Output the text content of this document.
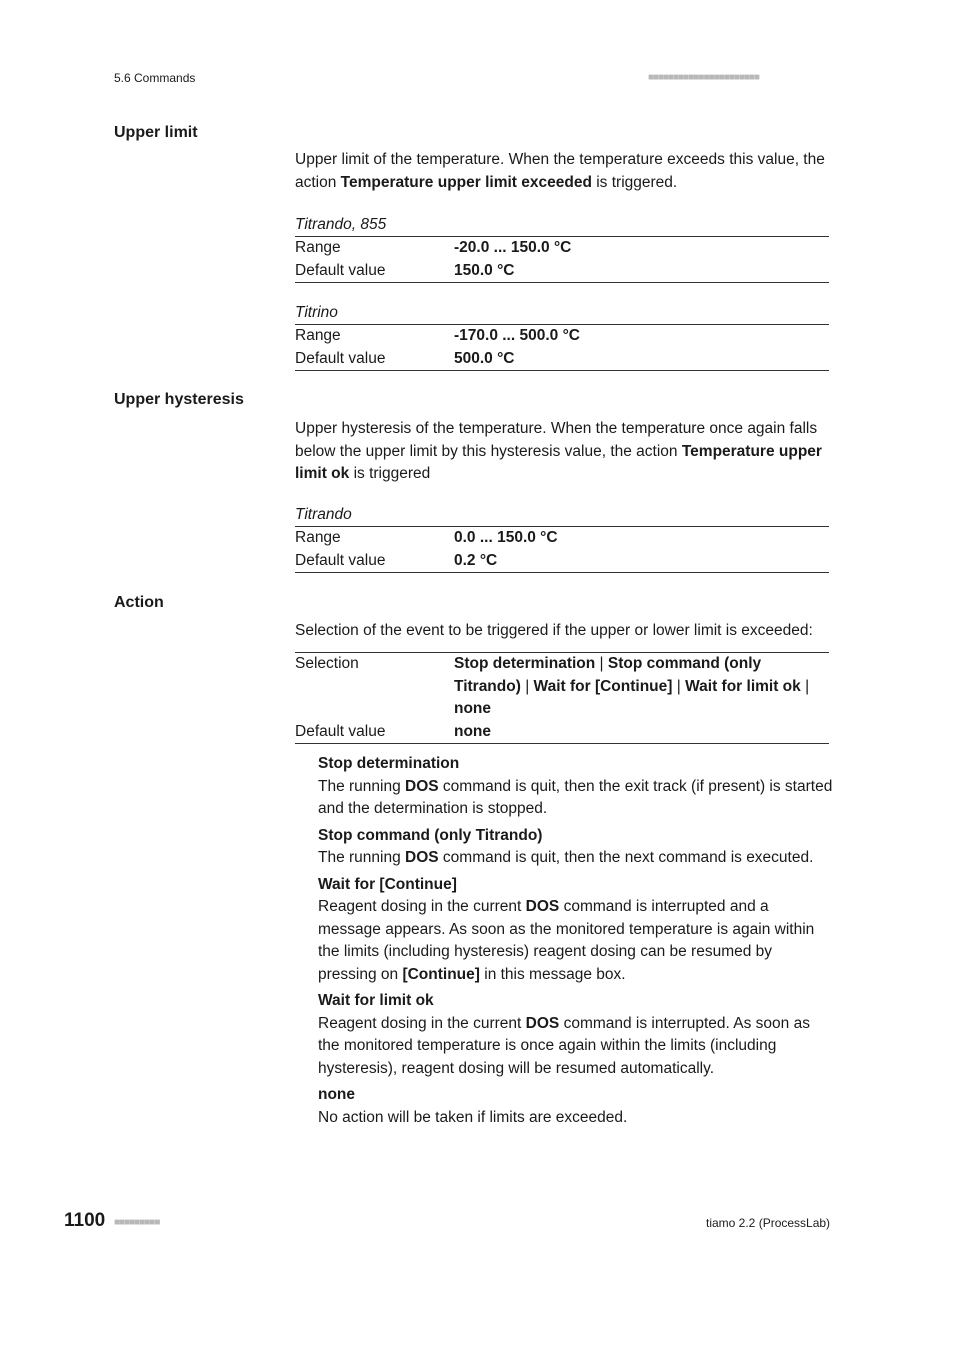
5.6 Commands	■■■■■■■■■■■■■■■■■■■■■■
Upper limit
Upper limit of the temperature. When the temperature exceeds this value, the action Temperature upper limit exceeded is triggered.
Titrando, 855
Range	-20.0 ... 150.0 °C
Default value	150.0 °C
Titrino
Range	-170.0 ... 500.0 °C
Default value	500.0 °C
Upper hysteresis
Upper hysteresis of the temperature. When the temperature once again falls below the upper limit by this hysteresis value, the action Temperature upper limit ok is triggered
Titrando
Range	0.0 ... 150.0 °C
Default value	0.2 °C
Action
Selection of the event to be triggered if the upper or lower limit is exceeded:
Selection	Stop determination | Stop command (only Titrando) | Wait for [Continue] | Wait for limit ok | none
Default value	none
Stop determination
The running DOS command is quit, then the exit track (if present) is started and the determination is stopped.
Stop command (only Titrando)
The running DOS command is quit, then the next command is executed.
Wait for [Continue]
Reagent dosing in the current DOS command is interrupted and a message appears. As soon as the monitored temperature is again within the limits (including hysteresis) reagent dosing can be resumed by pressing on [Continue] in this message box.
Wait for limit ok
Reagent dosing in the current DOS command is interrupted. As soon as the monitored temperature is once again within the limits (including hysteresis), reagent dosing will be resumed automatically.
none
No action will be taken if limits are exceeded.
1100 ■■■■■■■■■	tiamo 2.2 (ProcessLab)
